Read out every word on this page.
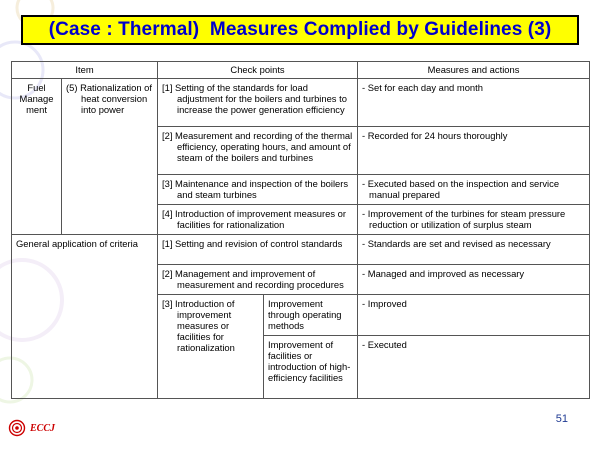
(Case : Thermal)  Measures Complied by Guidelines (3)
Item		Check points		Measures and actions
Fuel Manage ment	(5) Rationalization of heat conversion into power	[1] Setting of the standards for load adjustment for the boilers and turbines to increase the power generation efficiency		- Set for each day and month
		[2] Measurement and recording of the thermal efficiency, operating hours, and amount of steam of the boilers and turbines		- Recorded for 24 hours thoroughly
		[3] Maintenance and inspection of the boilers and steam turbines		- Executed based on the inspection and service manual prepared
		[4] Introduction of improvement measures or facilities for rationalization		- Improvement of the turbines for steam pressure reduction or utilization of surplus steam
General application of criteria		[1] Setting and revision of control standards		- Standards are set and revised as necessary
		[2] Management and improvement of measurement and recording procedures		- Managed and improved as necessary
		[3] Introduction of improvement measures or facilities for rationalization	Improvement through operating methods	- Improved
			Improvement of facilities or introduction of high-efficiency facilities	- Executed
ECCJ
51
